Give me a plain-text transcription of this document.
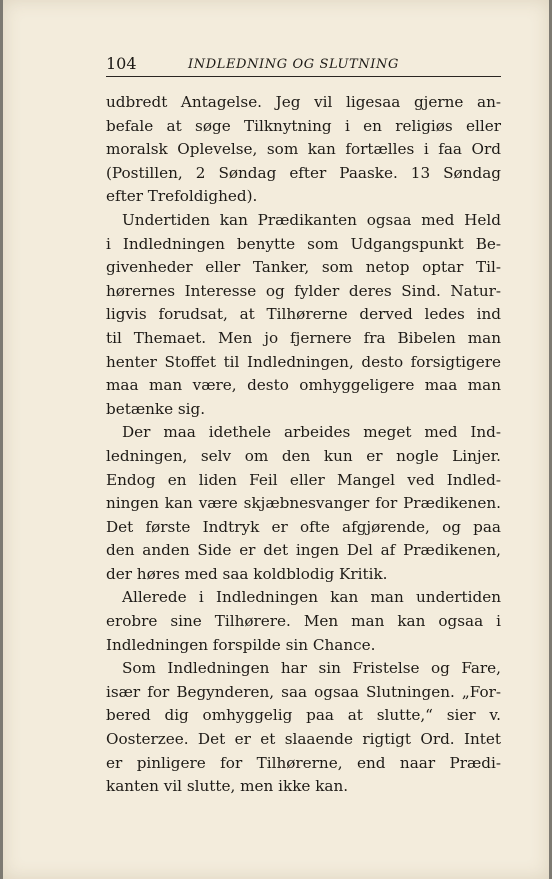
104	INDLEDNING OG SLUTNING
udbredt Antagelse. Jeg vil ligesaa gjerne an-
befale at søge Tilknytning i en religiøs eller
moralsk Oplevelse, som kan fortælles i faa Ord
(Postillen, 2 Søndag efter Paaske. 13 Søndag
efter Trefoldighed).
Undertiden kan Prædikanten ogsaa med Held
i Indledningen benytte som Udgangspunkt Be-
givenheder eller Tanker, som netop optar Til-
hørernes Interesse og fylder deres Sind. Natur-
ligvis forudsat, at Tilhørerne derved ledes ind
til Themaet. Men jo fjernere fra Bibelen man
henter Stoffet til Indledningen, desto forsigtigere
maa man være, desto omhyggeligere maa man
betænke sig.
Der maa idethele arbeides meget med Ind-
ledningen, selv om den kun er nogle Linjer.
Endog en liden Feil eller Mangel ved Indled-
ningen kan være skjæbnesvanger for Prædikenen.
Det første Indtryk er ofte afgjørende, og paa
den anden Side er det ingen Del af Prædikenen,
der høres med saa koldblodig Kritik.
Allerede i Indledningen kan man undertiden
erobre sine Tilhørere. Men man kan ogsaa i
Indledningen forspilde sin Chance.
Som Indledningen har sin Fristelse og Fare,
især for Begynderen, saa ogsaa Slutningen. „For-
bered dig omhyggelig paa at slutte,“ sier v.
Oosterzee. Det er et slaaende rigtigt Ord. Intet
er pinligere for Tilhørerne, end naar Prædi-
kanten vil slutte, men ikke kan.
